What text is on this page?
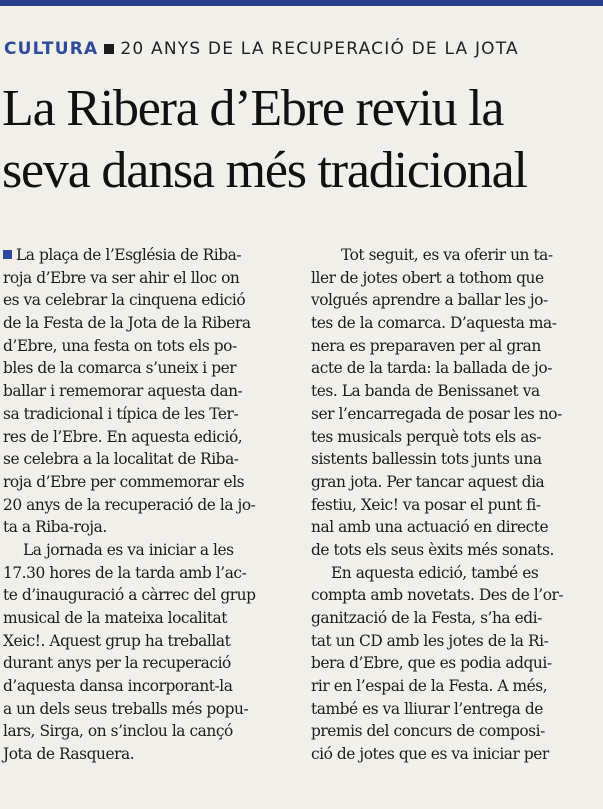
CULTURA 20 ANYS DE LA RECUPERACIÓ DE LA JOTA
La Ribera d’Ebre reviu la
seva dansa més tradicional
La plaça de l’Església de Riba-
roja d’Ebre va ser ahir el lloc on
es va celebrar la cinquena edició
de la Festa de la Jota de la Ribera
d’Ebre, una festa on tots els po-
bles de la comarca s’uneix i per
ballar i rememorar aquesta dan-
sa tradicional i típica de les Ter-
res de l’Ebre. En aquesta edició,
se celebra a la localitat de Riba-
roja d’Ebre per commemorar els
20 anys de la recuperació de la jo-
ta a Riba-roja.
La jornada es va iniciar a les
17.30 hores de la tarda amb l’ac-
te d’inauguració a càrrec del grup
musical de la mateixa localitat
Xeic!. Aquest grup ha treballat
durant anys per la recuperació
d’aquesta dansa incorporant-la
a un dels seus treballs més popu-
lars, Sirga, on s’inclou la cançó
Jota de Rasquera.
Tot seguit, es va oferir un ta-
ller de jotes obert a tothom que
volgués aprendre a ballar les jo-
tes de la comarca. D’aquesta ma-
nera es preparaven per al gran
acte de la tarda: la ballada de jo-
tes. La banda de Benissanet va
ser l’encarregada de posar les no-
tes musicals perquè tots els as-
sistents ballessin tots junts una
gran jota. Per tancar aquest dia
festiu, Xeic! va posar el punt fi-
nal amb una actuació en directe
de tots els seus èxits més sonats.
En aquesta edició, també es
compta amb novetats. Des de l’or-
ganització de la Festa, s’ha edi-
tat un CD amb les jotes de la Ri-
bera d’Ebre, que es podia adqui-
rir en l’espai de la Festa. A més,
també es va lliurar l’entrega de
premis del concurs de composi-
ció de jotes que es va iniciar per
